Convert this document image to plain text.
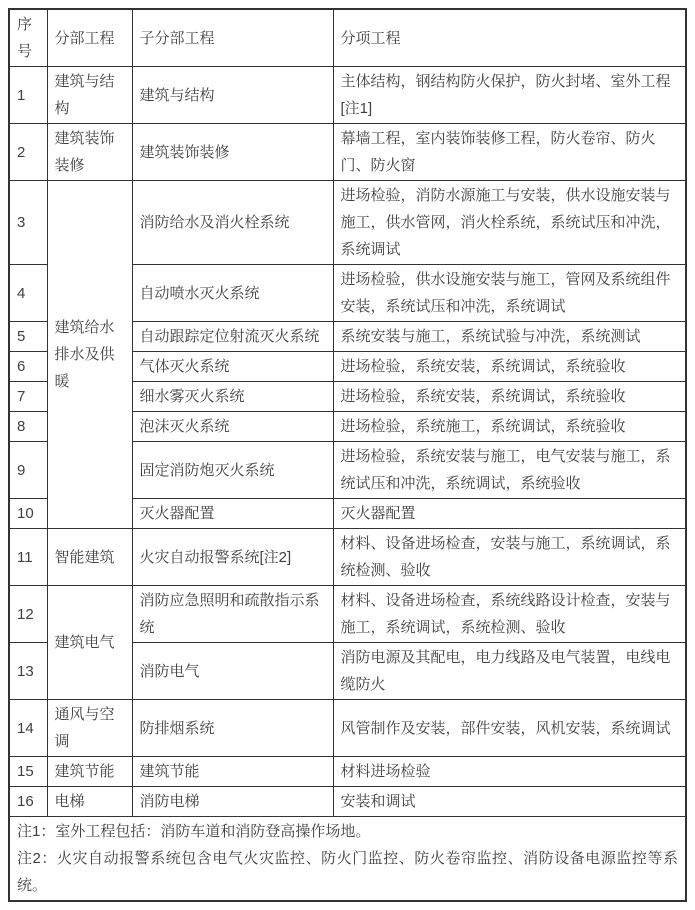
序号	分部工程	子分部工程	分项工程
1	建筑与结构	建筑与结构	主体结构，钢结构防火保护，防火封堵、室外工程[注1]
2	建筑装饰装修	建筑装饰装修	幕墙工程，室内装饰装修工程，防火卷帘、防火门、防火窗
3	建筑给水排水及供暖	消防给水及消火栓系统	进场检验，消防水源施工与安装，供水设施安装与施工，供水管网，消火栓系统，系统试压和冲洗，系统调试
4		自动喷水灭火系统	进场检验，供水设施安装与施工，管网及系统组件安装，系统试压和冲洗，系统调试
5		自动跟踪定位射流灭火系统	系统安装与施工，系统试验与冲洗，系统测试
6		气体灭火系统	进场检验，系统安装，系统调试，系统验收
7		细水雾灭火系统	进场检验，系统安装，系统调试，系统验收
8		泡沫灭火系统	进场检验，系统施工，系统调试，系统验收
9		固定消防炮灭火系统	进场检验，系统安装与施工，电气安装与施工，系统试压和冲洗，系统调试，系统验收
10		灭火器配置	灭火器配置
11	智能建筑	火灾自动报警系统[注2]	材料、设备进场检查，安装与施工，系统调试，系统检测、验收
12	建筑电气	消防应急照明和疏散指示系统	材料、设备进场检查，系统线路设计检查，安装与施工，系统调试，系统检测、验收
13		消防电气	消防电源及其配电，电力线路及电气装置，电线电缆防火
14	通风与空调	防排烟系统	风管制作及安装，部件安装，风机安装，系统调试
15	建筑节能	建筑节能	材料进场检验
16	电梯	消防电梯	安装和调试

注1：室外工程包括：消防车道和消防登高操作场地。
注2：火灾自动报警系统包含电气火灾监控、防火门监控、防火卷帘监控、消防设备电源监控等系统。			
